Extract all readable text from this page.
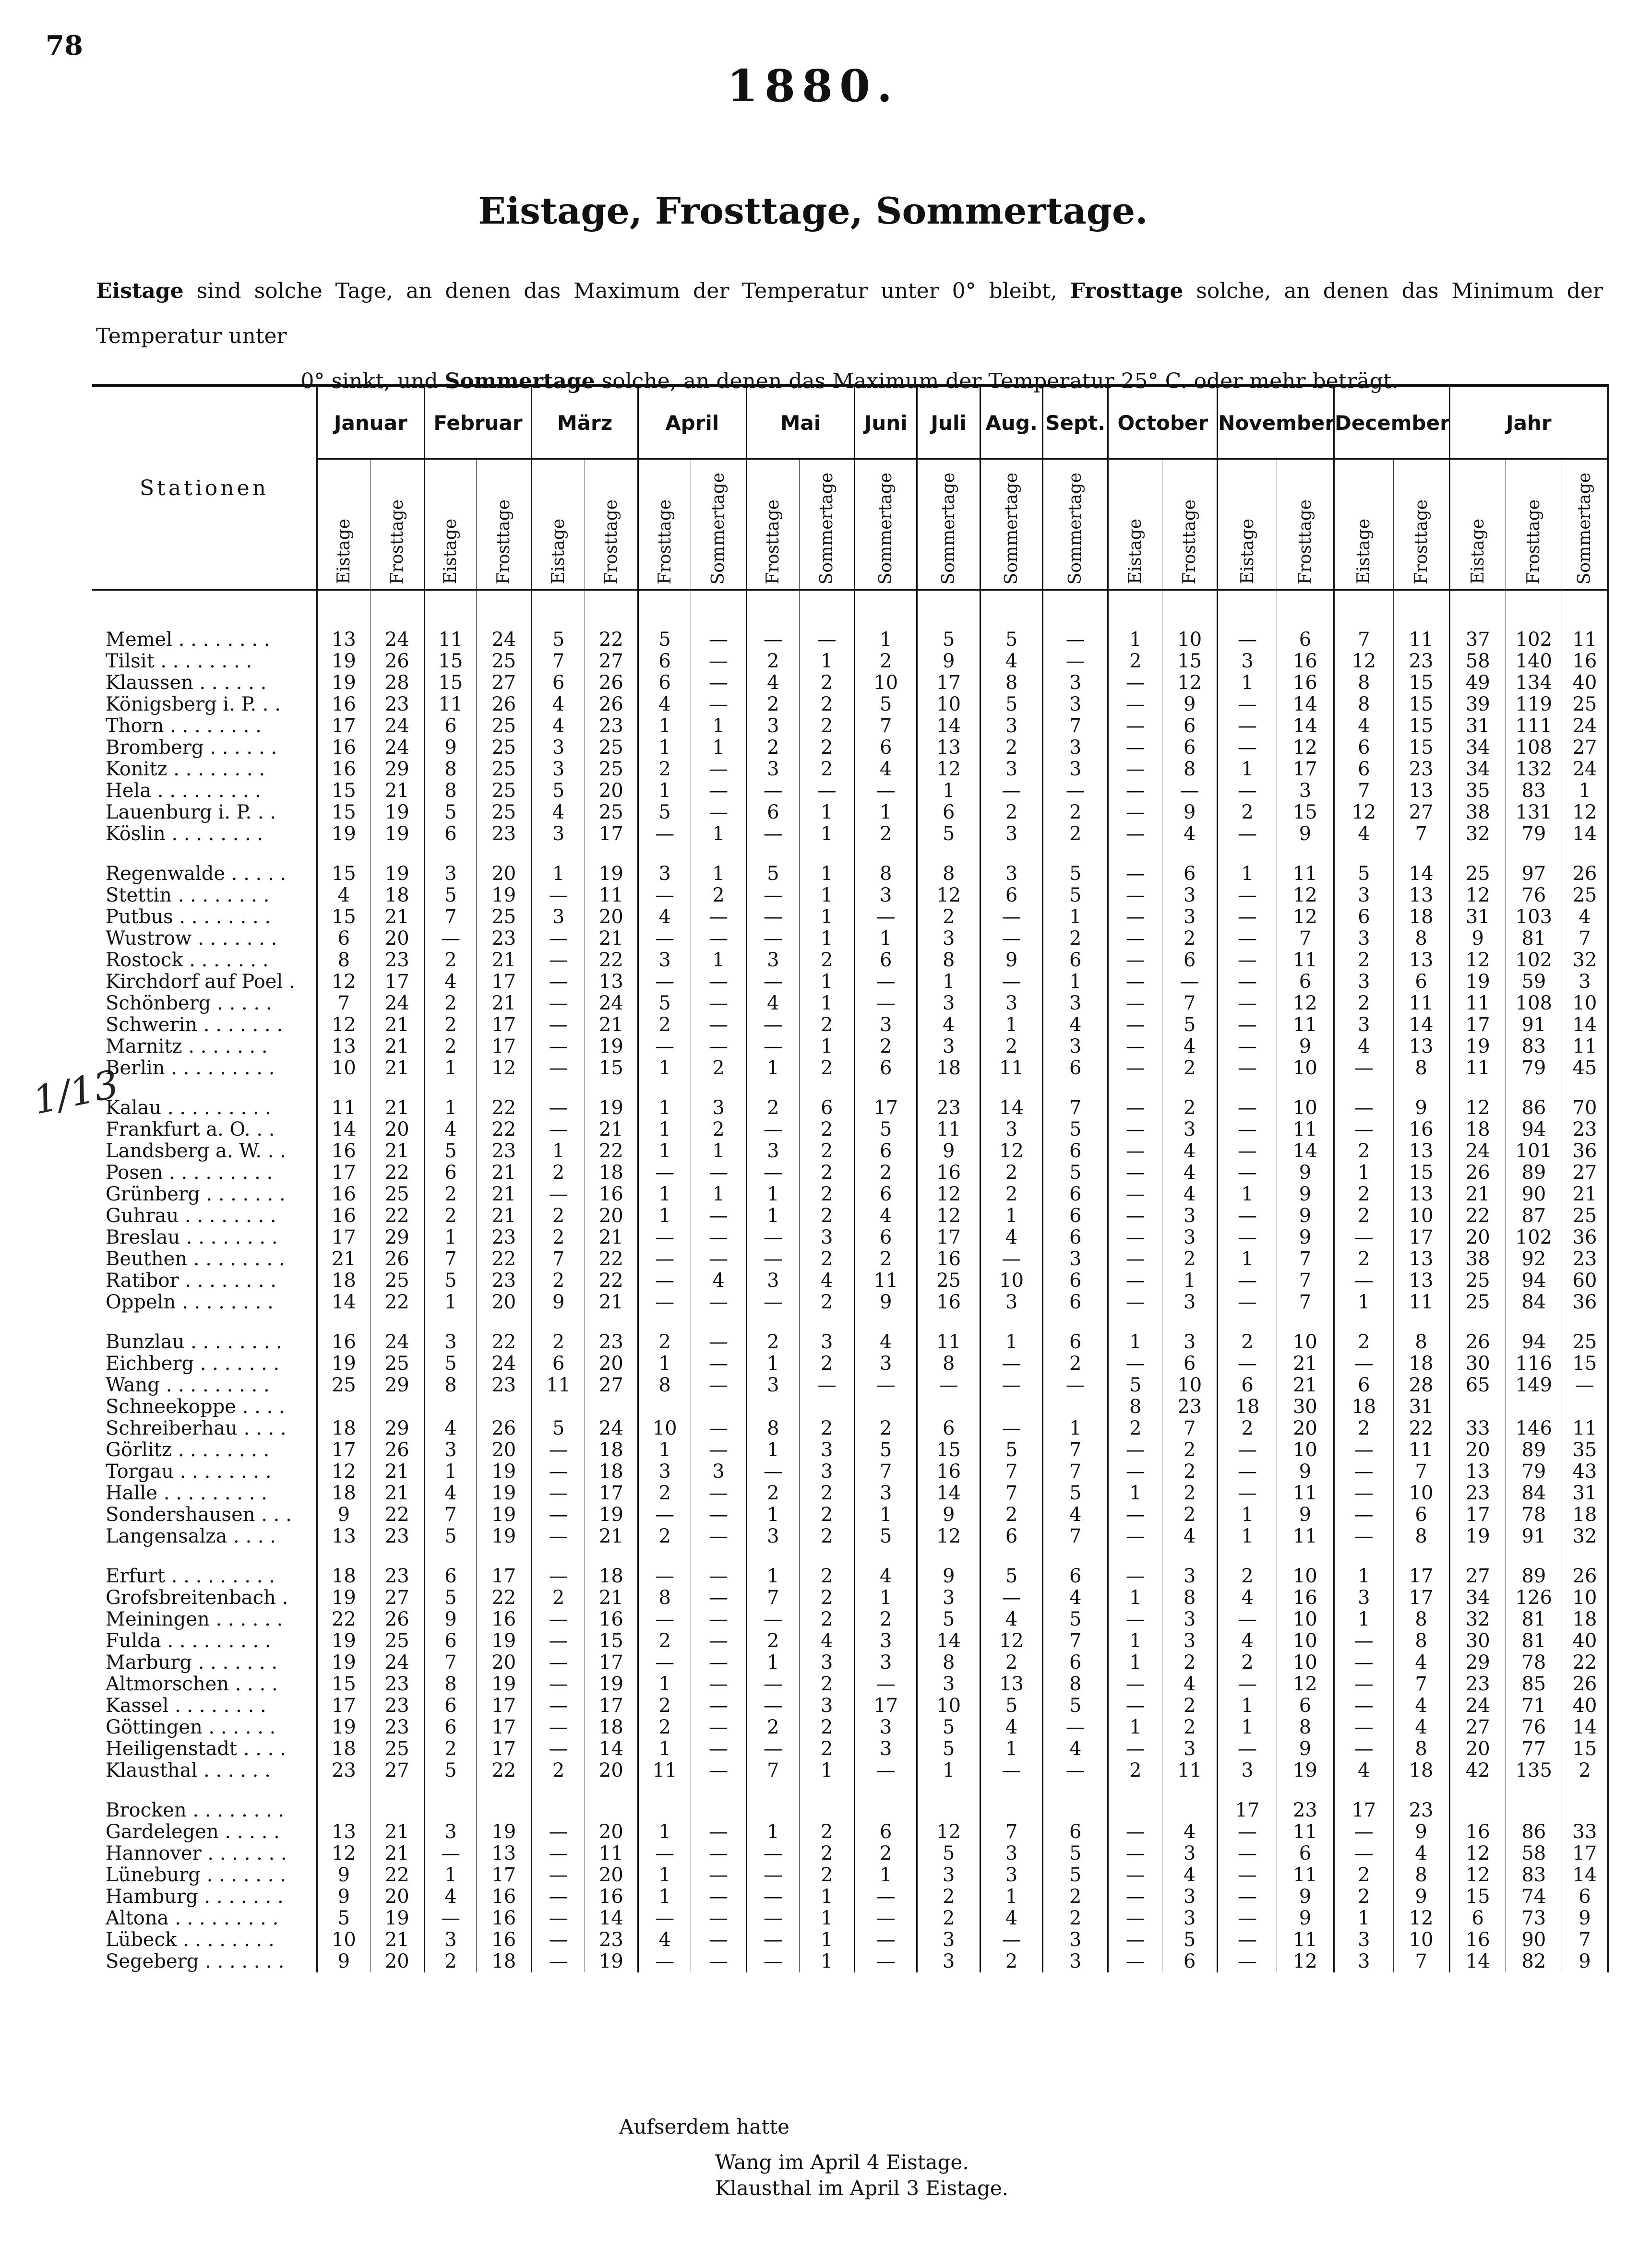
78
1880.
Eistage, Frosttage, Sommertage.
Eistage sind solche Tage, an denen das Maximum der Temperatur unter 0° bleibt, Frosttage solche, an denen das Minimum der Temperatur unter
0° sinkt, und Sommertage solche, an denen das Maximum der Temperatur 25° C. oder mehr beträgt.
1/13
Stationen	Januar		Februar		März		April		Mai		Juni	Juli	Aug.	Sept.	October		November		December		Jahr		
	Eistage	Frosttage	Eistage	Frosttage	Eistage	Frosttage	Frosttage	Sommertage	Frosttage	Sommertage	Sommertage	Sommertage	Sommertage	Sommertage	Eistage	Frosttage	Eistage	Frosttage	Eistage	Frosttage	Eistage	Frosttage	Sommertage

Memel . . . . . . . .	13	24	11	24	5	22	5	—	—	—	1	5	5	—	1	10	—	6	7	11	37	102	11
Tilsit . . . . . . . .	19	26	15	25	7	27	6	—	2	1	2	9	4	—	2	15	3	16	12	23	58	140	16
Klaussen . . . . . .	19	28	15	27	6	26	6	—	4	2	10	17	8	3	—	12	1	16	8	15	49	134	40
Königsberg i. P. . .	16	23	11	26	4	26	4	—	2	2	5	10	5	3	—	9	—	14	8	15	39	119	25
Thorn . . . . . . . .	17	24	6	25	4	23	1	1	3	2	7	14	3	7	—	6	—	14	4	15	31	111	24
Bromberg . . . . . .	16	24	9	25	3	25	1	1	2	2	6	13	2	3	—	6	—	12	6	15	34	108	27
Konitz . . . . . . . .	16	29	8	25	3	25	2	—	3	2	4	12	3	3	—	8	1	17	6	23	34	132	24
Hela . . . . . . . . .	15	21	8	25	5	20	1	—	—	—	—	1	—	—	—	—	—	3	7	13	35	83	1
Lauenburg i. P. . .	15	19	5	25	4	25	5	—	6	1	1	6	2	2	—	9	2	15	12	27	38	131	12
Köslin . . . . . . . .	19	19	6	23	3	17	—	1	—	1	2	5	3	2	—	4	—	9	4	7	32	79	14

Regenwalde . . . . .	15	19	3	20	1	19	3	1	5	1	8	8	3	5	—	6	1	11	5	14	25	97	26
Stettin . . . . . . . .	4	18	5	19	—	11	—	2	—	1	3	12	6	5	—	3	—	12	3	13	12	76	25
Putbus . . . . . . . .	15	21	7	25	3	20	4	—	—	1	—	2	—	1	—	3	—	12	6	18	31	103	4
Wustrow . . . . . . .	6	20	—	23	—	21	—	—	—	1	1	3	—	2	—	2	—	7	3	8	9	81	7
Rostock . . . . . . .	8	23	2	21	—	22	3	1	3	2	6	8	9	6	—	6	—	11	2	13	12	102	32
Kirchdorf auf Poel .	12	17	4	17	—	13	—	—	—	1	—	1	—	1	—	—	—	6	3	6	19	59	3
Schönberg . . . . .	7	24	2	21	—	24	5	—	4	1	—	3	3	3	—	7	—	12	2	11	11	108	10
Schwerin . . . . . . .	12	21	2	17	—	21	2	—	—	2	3	4	1	4	—	5	—	11	3	14	17	91	14
Marnitz . . . . . . .	13	21	2	17	—	19	—	—	—	1	2	3	2	3	—	4	—	9	4	13	19	83	11
Berlin . . . . . . . . .	10	21	1	12	—	15	1	2	1	2	6	18	11	6	—	2	—	10	—	8	11	79	45

Kalau . . . . . . . . .	11	21	1	22	—	19	1	3	2	6	17	23	14	7	—	2	—	10	—	9	12	86	70
Frankfurt a. O. . .	14	20	4	22	—	21	1	2	—	2	5	11	3	5	—	3	—	11	—	16	18	94	23
Landsberg a. W. . .	16	21	5	23	1	22	1	1	3	2	6	9	12	6	—	4	—	14	2	13	24	101	36
Posen . . . . . . . . .	17	22	6	21	2	18	—	—	—	2	2	16	2	5	—	4	—	9	1	15	26	89	27
Grünberg . . . . . . .	16	25	2	21	—	16	1	1	1	2	6	12	2	6	—	4	1	9	2	13	21	90	21
Guhrau . . . . . . . .	16	22	2	21	2	20	1	—	1	2	4	12	1	6	—	3	—	9	2	10	22	87	25
Breslau . . . . . . . .	17	29	1	23	2	21	—	—	—	3	6	17	4	6	—	3	—	9	—	17	20	102	36
Beuthen . . . . . . . .	21	26	7	22	7	22	—	—	—	2	2	16	—	3	—	2	1	7	2	13	38	92	23
Ratibor . . . . . . . .	18	25	5	23	2	22	—	4	3	4	11	25	10	6	—	1	—	7	—	13	25	94	60
Oppeln . . . . . . . .	14	22	1	20	9	21	—	—	—	2	9	16	3	6	—	3	—	7	1	11	25	84	36

Bunzlau . . . . . . . .	16	24	3	22	2	23	2	—	2	3	4	11	1	6	1	3	2	10	2	8	26	94	25
Eichberg . . . . . . .	19	25	5	24	6	20	1	—	1	2	3	8	—	2	—	6	—	21	—	18	30	116	15
Wang . . . . . . . . .	25	29	8	23	11	27	8	—	3	—	—	—	—	—	5	10	6	21	6	28	65	149	—
Schneekoppe . . . .															8	23	18	30	18	31			
Schreiberhau . . . .	18	29	4	26	5	24	10	—	8	2	2	6	—	1	2	7	2	20	2	22	33	146	11
Görlitz . . . . . . . .	17	26	3	20	—	18	1	—	1	3	5	15	5	7	—	2	—	10	—	11	20	89	35
Torgau . . . . . . . .	12	21	1	19	—	18	3	3	—	3	7	16	7	7	—	2	—	9	—	7	13	79	43
Halle . . . . . . . . .	18	21	4	19	—	17	2	—	2	2	3	14	7	5	1	2	—	11	—	10	23	84	31
Sondershausen . . .	9	22	7	19	—	19	—	—	1	2	1	9	2	4	—	2	1	9	—	6	17	78	18
Langensalza . . . .	13	23	5	19	—	21	2	—	3	2	5	12	6	7	—	4	1	11	—	8	19	91	32

Erfurt . . . . . . . . .	18	23	6	17	—	18	—	—	1	2	4	9	5	6	—	3	2	10	1	17	27	89	26
Grofsbreitenbach .	19	27	5	22	2	21	8	—	7	2	1	3	—	4	1	8	4	16	3	17	34	126	10
Meiningen . . . . . .	22	26	9	16	—	16	—	—	—	2	2	5	4	5	—	3	—	10	1	8	32	81	18
Fulda . . . . . . . . .	19	25	6	19	—	15	2	—	2	4	3	14	12	7	1	3	4	10	—	8	30	81	40
Marburg . . . . . . .	19	24	7	20	—	17	—	—	1	3	3	8	2	6	1	2	2	10	—	4	29	78	22
Altmorschen . . . .	15	23	8	19	—	19	1	—	—	2	—	3	13	8	—	4	—	12	—	7	23	85	26
Kassel . . . . . . . .	17	23	6	17	—	17	2	—	—	3	17	10	5	5	—	2	1	6	—	4	24	71	40
Göttingen . . . . . .	19	23	6	17	—	18	2	—	2	2	3	5	4	—	1	2	1	8	—	4	27	76	14
Heiligenstadt . . . .	18	25	2	17	—	14	1	—	—	2	3	5	1	4	—	3	—	9	—	8	20	77	15
Klausthal . . . . . .	23	27	5	22	2	20	11	—	7	1	—	1	—	—	2	11	3	19	4	18	42	135	2

Brocken . . . . . . . .																	17	23	17	23			
Gardelegen . . . . .	13	21	3	19	—	20	1	—	1	2	6	12	7	6	—	4	—	11	—	9	16	86	33
Hannover . . . . . . .	12	21	—	13	—	11	—	—	—	2	2	5	3	5	—	3	—	6	—	4	12	58	17
Lüneburg . . . . . . .	9	22	1	17	—	20	1	—	—	2	1	3	3	5	—	4	—	11	2	8	12	83	14
Hamburg . . . . . . .	9	20	4	16	—	16	1	—	—	1	—	2	1	2	—	3	—	9	2	9	15	74	6
Altona . . . . . . . . .	5	19	—	16	—	14	—	—	—	1	—	2	4	2	—	3	—	9	1	12	6	73	9
Lübeck . . . . . . . .	10	21	3	16	—	23	4	—	—	1	—	3	—	3	—	5	—	11	3	10	16	90	7
Segeberg . . . . . . .	9	20	2	18	—	19	—	—	—	1	—	3	2	3	—	6	—	12	3	7	14	82	9
Aufserdem hatte
Wang im April 4 Eistage.
Klausthal im April 3 Eistage.
